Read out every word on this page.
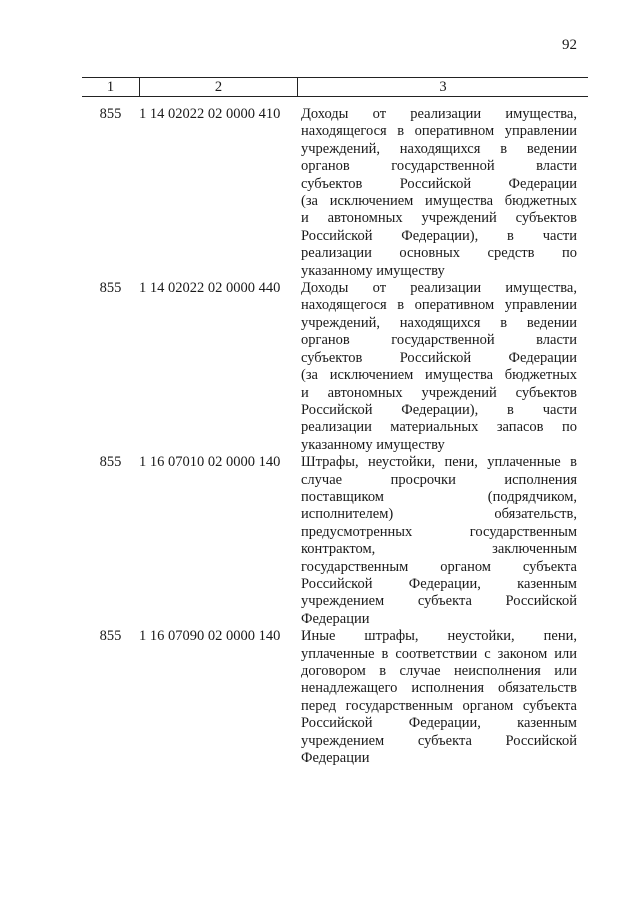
92
1	2	3
855	1 14 02022 02 0000 410	Доходы от реализации имущества,
находящегося в оперативном управлении
учреждений, находящихся в ведении
органов государственной власти
субъектов Российской Федерации
(за исключением имущества бюджетных
и автономных учреждений субъектов
Российской Федерации), в части
реализации основных средств по
указанному имуществу
855	1 14 02022 02 0000 440	Доходы от реализации имущества,
находящегося в оперативном управлении
учреждений, находящихся в ведении
органов государственной власти
субъектов Российской Федерации
(за исключением имущества бюджетных
и автономных учреждений субъектов
Российской Федерации), в части
реализации материальных запасов по
указанному имуществу
855	1 16 07010 02 0000 140	Штрафы, неустойки, пени, уплаченные в
случае просрочки исполнения
поставщиком (подрядчиком,
исполнителем) обязательств,
предусмотренных государственным
контрактом, заключенным
государственным органом субъекта
Российской Федерации, казенным
учреждением субъекта Российской
Федерации
855	1 16 07090 02 0000 140	Иные штрафы, неустойки, пени,
уплаченные в соответствии с законом или
договором в случае неисполнения или
ненадлежащего исполнения обязательств
перед государственным органом субъекта
Российской Федерации, казенным
учреждением субъекта Российской
Федерации
